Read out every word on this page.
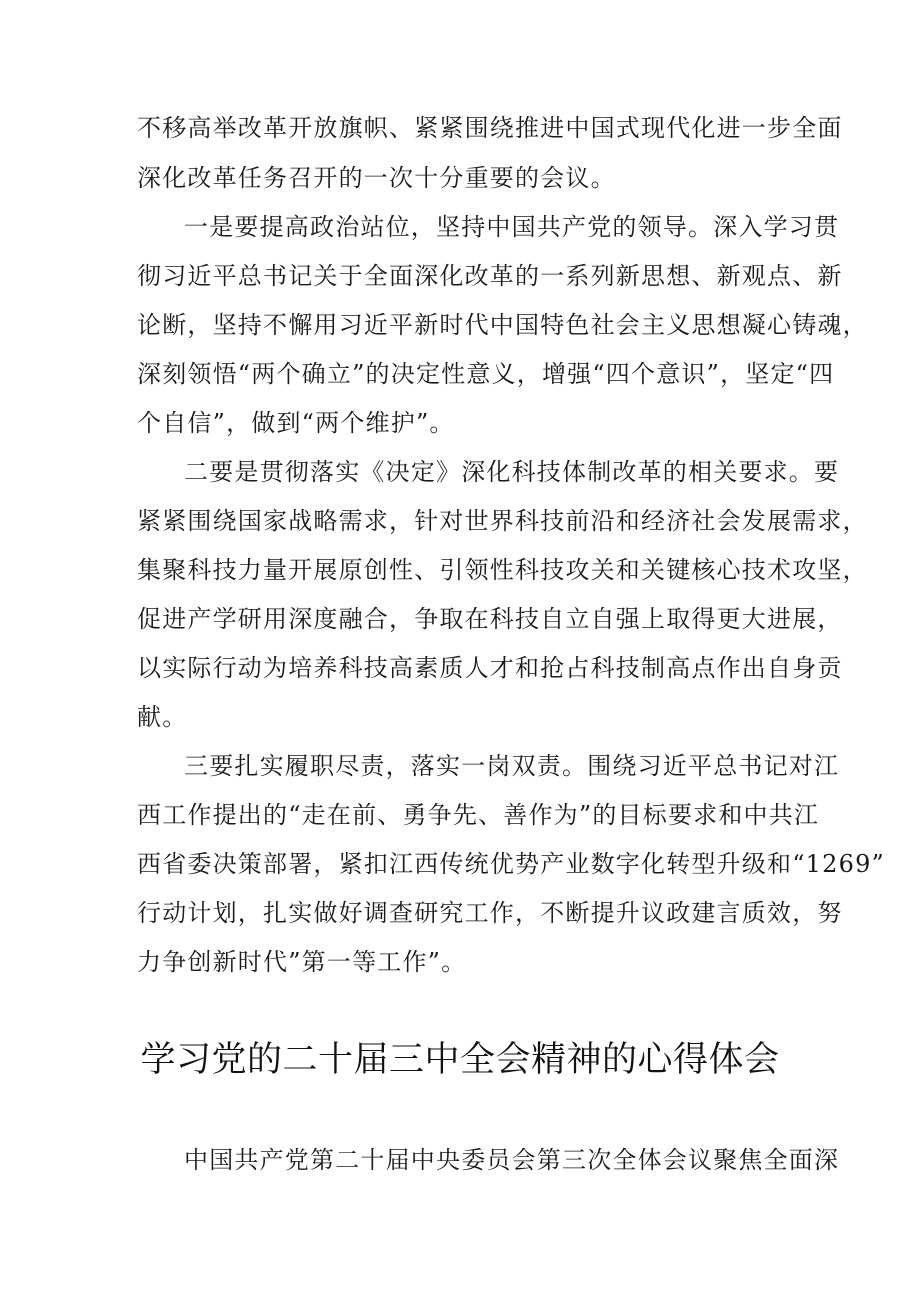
不移高举改革开放旗帜、紧紧围绕推进中国式现代化进一步全面
深化改革任务召开的一次十分重要的会议。
一是要提高政治站位，坚持中国共产党的领导。深入学习贯
彻习近平总书记关于全面深化改革的一系列新思想、新观点、新
论断，坚持不懈用习近平新时代中国特色社会主义思想凝心铸魂，
深刻领悟“两个确立”的决定性意义，增强“四个意识”，坚定“四
个自信”，做到“两个维护”。
二要是贯彻落实《决定》深化科技体制改革的相关要求。要
紧紧围绕国家战略需求，针对世界科技前沿和经济社会发展需求，
集聚科技力量开展原创性、引领性科技攻关和关键核心技术攻坚，
促进产学研用深度融合，争取在科技自立自强上取得更大进展，
以实际行动为培养科技高素质人才和抢占科技制高点作出自身贡
献。
三要扎实履职尽责，落实一岗双责。围绕习近平总书记对江
西工作提出的“走在前、勇争先、善作为”的目标要求和中共江
西省委决策部署，紧扣江西传统优势产业数字化转型升级和“1269”
行动计划，扎实做好调查研究工作，不断提升议政建言质效，努
力争创新时代”第一等工作”。
学习党的二十届三中全会精神的心得体会
中国共产党第二十届中央委员会第三次全体会议聚焦全面深
